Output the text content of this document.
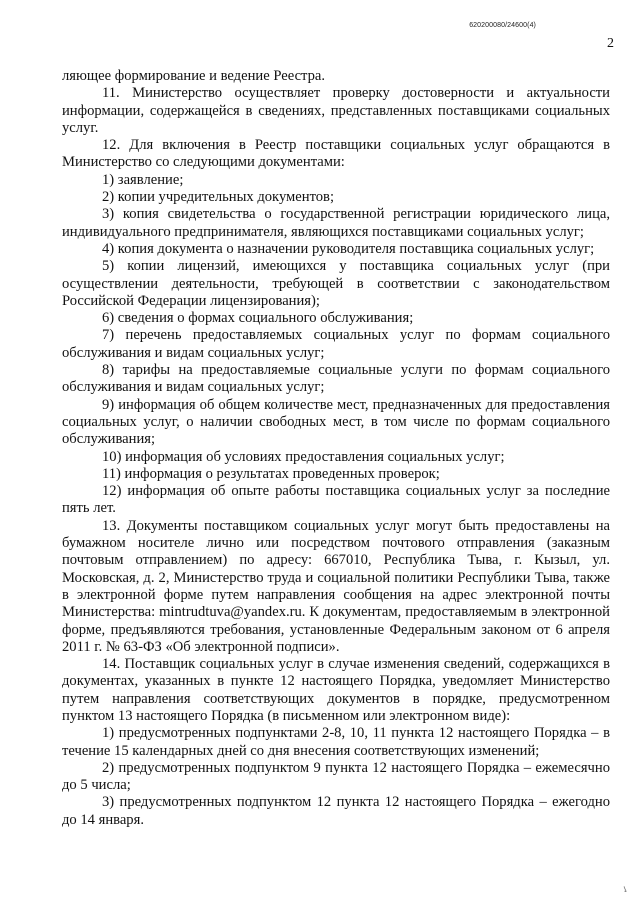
620200080/24600(4)
2

ляющее формирование и ведение Реестра.

11. Министерство осуществляет проверку достоверности и актуальности информации, содержащейся в сведениях, представленных поставщиками социальных услуг.

12. Для включения в Реестр поставщики социальных услуг обращаются в Министерство со следующими документами:

1) заявление;

2) копии учредительных документов;

3) копия свидетельства о государственной регистрации юридического лица, индивидуального предпринимателя, являющихся поставщиками социальных услуг;

4) копия документа о назначении руководителя поставщика социальных услуг;

5) копии лицензий, имеющихся у поставщика социальных услуг (при осуществлении деятельности, требующей в соответствии с законодательством Российской Федерации лицензирования);

6) сведения о формах социального обслуживания;

7) перечень предоставляемых социальных услуг по формам социального обслуживания и видам социальных услуг;

8) тарифы на предоставляемые социальные услуги по формам социального обслуживания и видам социальных услуг;

9) информация об общем количестве мест, предназначенных для предоставления социальных услуг, о наличии свободных мест, в том числе по формам социального обслуживания;

10) информация об условиях предоставления социальных услуг;

11) информация о результатах проведенных проверок;

12) информация об опыте работы поставщика социальных услуг за последние пять лет.

13. Документы поставщиком социальных услуг могут быть предоставлены на бумажном носителе лично или посредством почтового отправления (заказным почтовым отправлением) по адресу: 667010, Республика Тыва, г. Кызыл, ул. Московская, д. 2, Министерство труда и социальной политики Республики Тыва, также в электронной форме путем направления сообщения на адрес электронной почты Министерства: mintrudtuva@yandex.ru. К документам, предоставляемым в электронной форме, предъявляются требования, установленные Федеральным законом от 6 апреля 2011 г. № 63-ФЗ «Об электронной подписи».

14. Поставщик социальных услуг в случае изменения сведений, содержащихся в документах, указанных в пункте 12 настоящего Порядка, уведомляет Министерство путем направления соответствующих документов в порядке, предусмотренном пунктом 13 настоящего Порядка (в письменном или электронном виде):

1) предусмотренных подпунктами 2-8, 10, 11 пункта 12 настоящего Порядка – в течение 15 календарных дней со дня внесения соответствующих изменений;

2) предусмотренных подпунктом 9 пункта 12 настоящего Порядка – ежемесячно до 5 числа;

3) предусмотренных подпунктом 12 пункта 12 настоящего Порядка – ежегодно до 14 января.

✓
